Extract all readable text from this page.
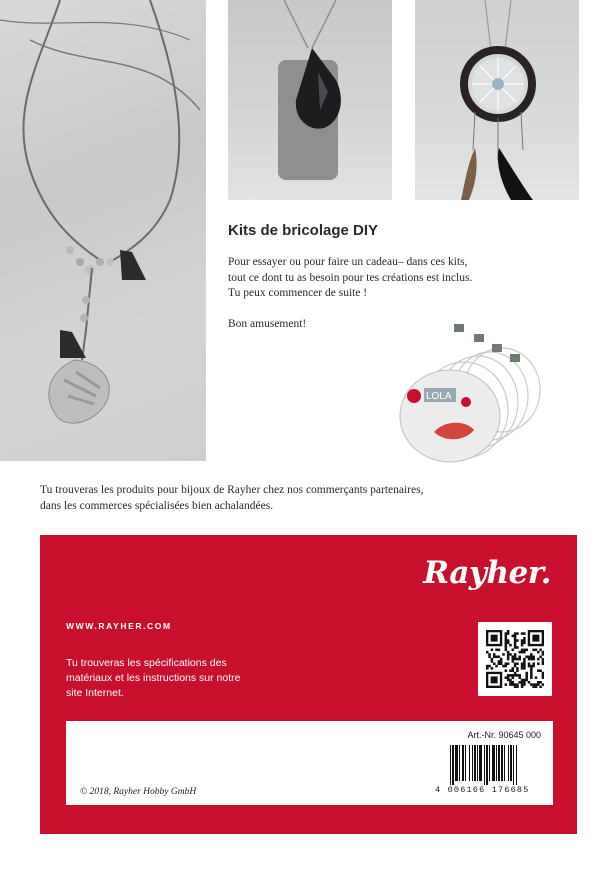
LOLA
Kits de bricolage DIY

Pour essayer ou pour faire un cadeau– dans ces kits,

tout ce dont tu as besoin pour tes créations est inclus.

Tu peux commencer de suite !

Bon amusement!

Tu trouveras les produits pour bijoux de Rayher chez nos commerçants partenaires,

dans les commerces spécialisées bien achalandées.

Rayher.
WWW.RAYHER.COM

Tu trouveras les spécifications des

matériaux et les instructions sur notre

site Internet.

Art.-Nr. 90645 000
4 006166 176685
© 2018, Rayher Hobby GmbH
